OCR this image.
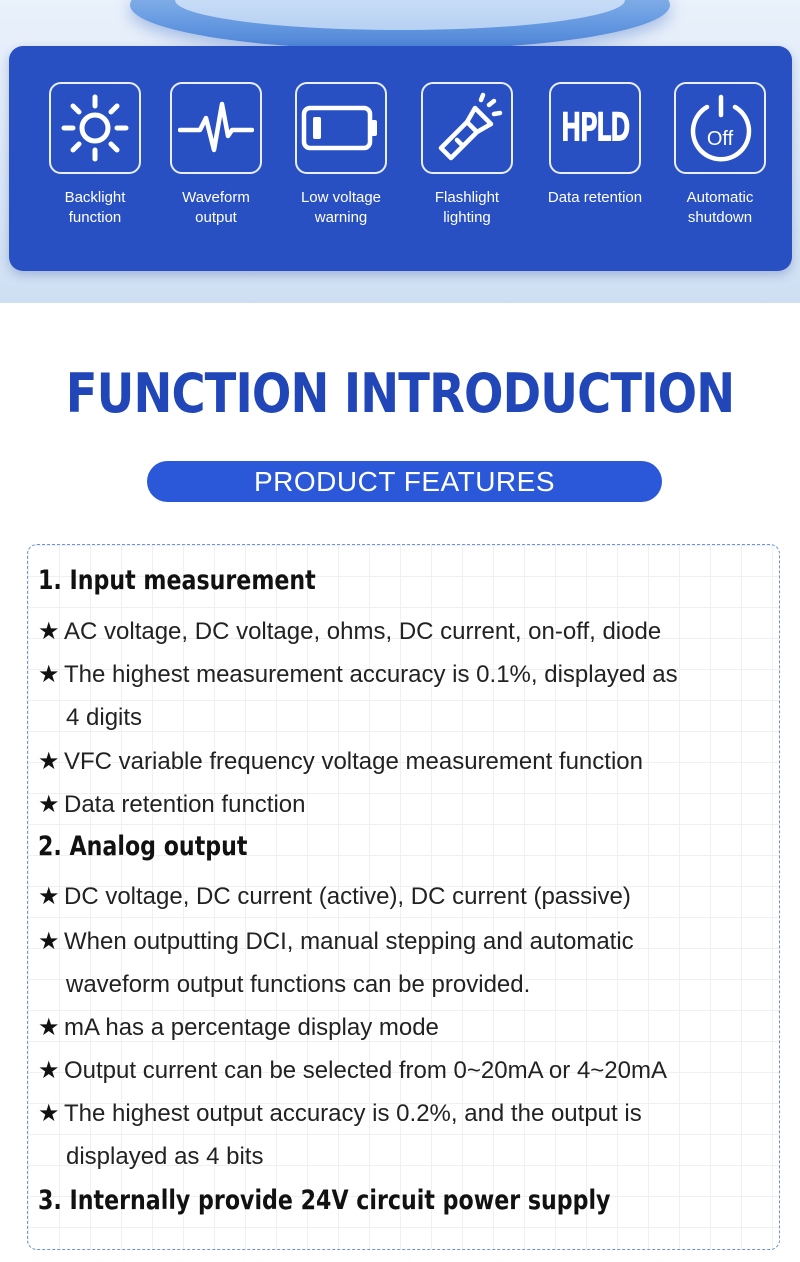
Backlight
function
Waveform
output
Low voltage
warning
Flashlight
lighting
HPLD
Data retention
Off
Automatic
shutdown
FUNCTION INTRODUCTION
PRODUCT FEATURES
1. Input measurement
★ AC voltage, DC voltage, ohms, DC current, on-off, diode
★ The highest measurement accuracy is 0.1%, displayed as
4 digits
★ VFC variable frequency voltage measurement function
★ Data retention function
2. Analog output
★ DC voltage, DC current (active), DC current (passive)
★ When outputting DCI, manual stepping and automatic
waveform output functions can be provided.
★ mA has a percentage display mode
★ Output current can be selected from 0~20mA or 4~20mA
★ The highest output accuracy is 0.2%, and the output is
displayed as 4 bits
3. Internally provide 24V circuit power supply
